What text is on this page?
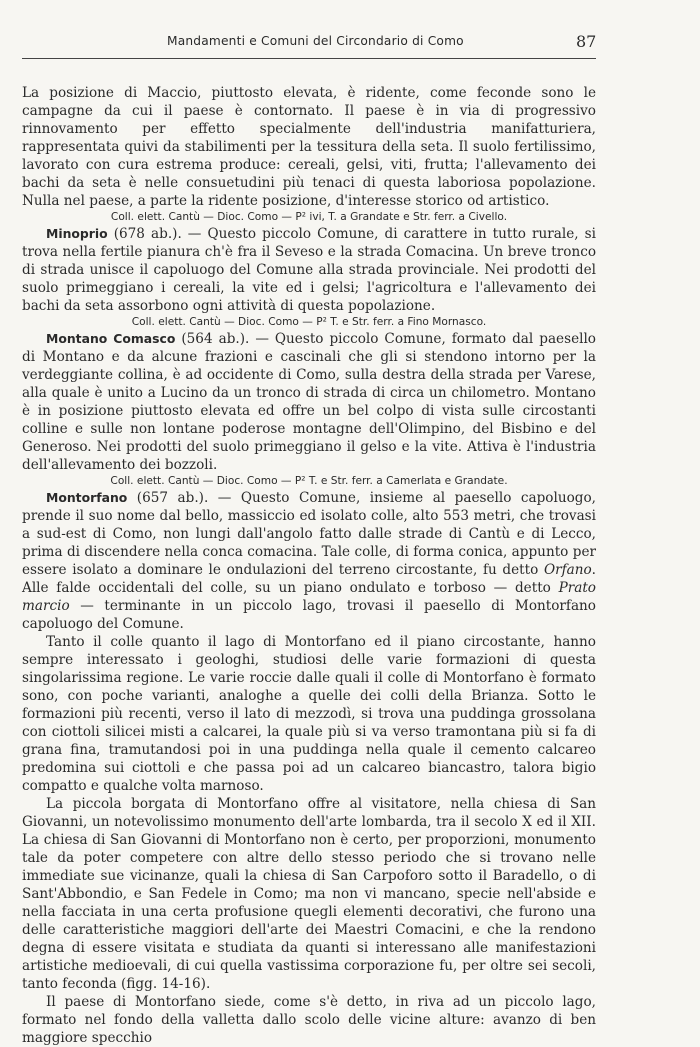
Mandamenti e Comuni del Circondario di Como	87

La posizione di Maccio, piuttosto elevata, è ridente, come feconde sono le campagne da cui il paese è contornato. Il paese è in via di progressivo rinnovamento per effetto specialmente dell'industria manifatturiera, rappresentata quivi da stabilimenti per la tessitura della seta. Il suolo fertilissimo, lavorato con cura estrema produce: cereali, gelsi, viti, frutta; l'allevamento dei bachi da seta è nelle consuetudini più tenaci di questa laboriosa popolazione. Nulla nel paese, a parte la ridente posizione, d'interesse storico od artistico.

Coll. elett. Cantù — Dioc. Como — P² ivi, T. a Grandate e Str. ferr. a Civello.

Minoprio (678 ab.). — Questo piccolo Comune, di carattere in tutto rurale, si trova nella fertile pianura ch'è fra il Seveso e la strada Comacina. Un breve tronco di strada unisce il capoluogo del Comune alla strada provinciale. Nei prodotti del suolo primeggiano i cereali, la vite ed i gelsi; l'agricoltura e l'allevamento dei bachi da seta assorbono ogni attività di questa popolazione.

Coll. elett. Cantù — Dioc. Como — P² T. e Str. ferr. a Fino Mornasco.

Montano Comasco (564 ab.). — Questo piccolo Comune, formato dal paesello di Montano e da alcune frazioni e cascinali che gli si stendono intorno per la verdeggiante collina, è ad occidente di Como, sulla destra della strada per Varese, alla quale è unito a Lucino da un tronco di strada di circa un chilometro. Montano è in posizione piuttosto elevata ed offre un bel colpo di vista sulle circostanti colline e sulle non lontane poderose montagne dell'Olimpino, del Bisbino e del Generoso. Nei prodotti del suolo primeggiano il gelso e la vite. Attiva è l'industria dell'allevamento dei bozzoli.

Coll. elett. Cantù — Dioc. Como — P² T. e Str. ferr. a Camerlata e Grandate.

Montorfano (657 ab.). — Questo Comune, insieme al paesello capoluogo, prende il suo nome dal bello, massiccio ed isolato colle, alto 553 metri, che trovasi a sud-est di Como, non lungi dall'angolo fatto dalle strade di Cantù e di Lecco, prima di discendere nella conca comacina. Tale colle, di forma conica, appunto per essere isolato a dominare le ondulazioni del terreno circostante, fu detto Orfano. Alle falde occidentali del colle, su un piano ondulato e torboso — detto Prato marcio — terminante in un piccolo lago, trovasi il paesello di Montorfano capoluogo del Comune.

Tanto il colle quanto il lago di Montorfano ed il piano circostante, hanno sempre interessato i geologhi, studiosi delle varie formazioni di questa singolarissima regione. Le varie roccie dalle quali il colle di Montorfano è formato sono, con poche varianti, analoghe a quelle dei colli della Brianza. Sotto le formazioni più recenti, verso il lato di mezzodì, si trova una puddinga grossolana con ciottoli silicei misti a calcarei, la quale più si va verso tramontana più si fa di grana fina, tramutandosi poi in una puddinga nella quale il cemento calcareo predomina sui ciottoli e che passa poi ad un calcareo biancastro, talora bigio compatto e qualche volta marnoso.

La piccola borgata di Montorfano offre al visitatore, nella chiesa di San Giovanni, un notevolissimo monumento dell'arte lombarda, tra il secolo X ed il XII. La chiesa di San Giovanni di Montorfano non è certo, per proporzioni, monumento tale da poter competere con altre dello stesso periodo che si trovano nelle immediate sue vicinanze, quali la chiesa di San Carpoforo sotto il Baradello, o di Sant'Abbondio, e San Fedele in Como; ma non vi mancano, specie nell'abside e nella facciata in una certa profusione quegli elementi decorativi, che furono una delle caratteristiche maggiori dell'arte dei Maestri Comacini, e che la rendono degna di essere visitata e studiata da quanti si interessano alle manifestazioni artistiche medioevali, di cui quella vastissima corporazione fu, per oltre sei secoli, tanto feconda (figg. 14-16).

Il paese di Montorfano siede, come s'è detto, in riva ad un piccolo lago, formato nel fondo della valletta dallo scolo delle vicine alture: avanzo di ben maggiore specchio
